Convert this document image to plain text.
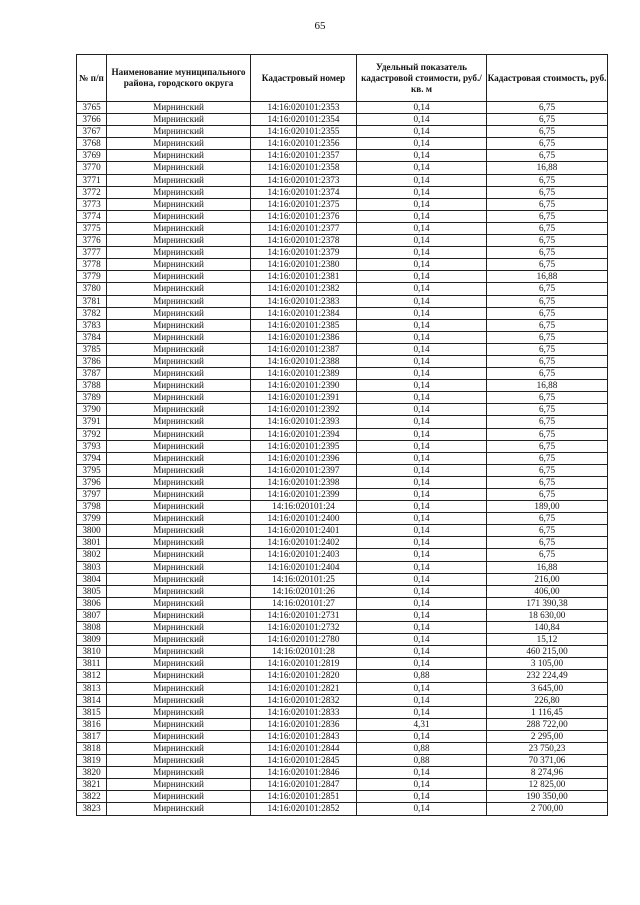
65
№ п/п	Наименование муниципального района, городского округа	Кадастровый номер	Удельный показатель кадастровой стоимости, руб./кв. м	Кадастровая стоимость, руб.
3765	Мирнинский	14:16:020101:2353	0,14	6,75
3766	Мирнинский	14:16:020101:2354	0,14	6,75
3767	Мирнинский	14:16:020101:2355	0,14	6,75
3768	Мирнинский	14:16:020101:2356	0,14	6,75
3769	Мирнинский	14:16:020101:2357	0,14	6,75
3770	Мирнинский	14:16:020101:2358	0,14	16,88
3771	Мирнинский	14:16:020101:2373	0,14	6,75
3772	Мирнинский	14:16:020101:2374	0,14	6,75
3773	Мирнинский	14:16:020101:2375	0,14	6,75
3774	Мирнинский	14:16:020101:2376	0,14	6,75
3775	Мирнинский	14:16:020101:2377	0,14	6,75
3776	Мирнинский	14:16:020101:2378	0,14	6,75
3777	Мирнинский	14:16:020101:2379	0,14	6,75
3778	Мирнинский	14:16:020101:2380	0,14	6,75
3779	Мирнинский	14:16:020101:2381	0,14	16,88
3780	Мирнинский	14:16:020101:2382	0,14	6,75
3781	Мирнинский	14:16:020101:2383	0,14	6,75
3782	Мирнинский	14:16:020101:2384	0,14	6,75
3783	Мирнинский	14:16:020101:2385	0,14	6,75
3784	Мирнинский	14:16:020101:2386	0,14	6,75
3785	Мирнинский	14:16:020101:2387	0,14	6,75
3786	Мирнинский	14:16:020101:2388	0,14	6,75
3787	Мирнинский	14:16:020101:2389	0,14	6,75
3788	Мирнинский	14:16:020101:2390	0,14	16,88
3789	Мирнинский	14:16:020101:2391	0,14	6,75
3790	Мирнинский	14:16:020101:2392	0,14	6,75
3791	Мирнинский	14:16:020101:2393	0,14	6,75
3792	Мирнинский	14:16:020101:2394	0,14	6,75
3793	Мирнинский	14:16:020101:2395	0,14	6,75
3794	Мирнинский	14:16:020101:2396	0,14	6,75
3795	Мирнинский	14:16:020101:2397	0,14	6,75
3796	Мирнинский	14:16:020101:2398	0,14	6,75
3797	Мирнинский	14:16:020101:2399	0,14	6,75
3798	Мирнинский	14:16:020101:24	0,14	189,00
3799	Мирнинский	14:16:020101:2400	0,14	6,75
3800	Мирнинский	14:16:020101:2401	0,14	6,75
3801	Мирнинский	14:16:020101:2402	0,14	6,75
3802	Мирнинский	14:16:020101:2403	0,14	6,75
3803	Мирнинский	14:16:020101:2404	0,14	16,88
3804	Мирнинский	14:16:020101:25	0,14	216,00
3805	Мирнинский	14:16:020101:26	0,14	406,00
3806	Мирнинский	14:16:020101:27	0,14	171 390,38
3807	Мирнинский	14:16:020101:2731	0,14	18 630,00
3808	Мирнинский	14:16:020101:2732	0,14	140,84
3809	Мирнинский	14:16:020101:2780	0,14	15,12
3810	Мирнинский	14:16:020101:28	0,14	460 215,00
3811	Мирнинский	14:16:020101:2819	0,14	3 105,00
3812	Мирнинский	14:16:020101:2820	0,88	232 224,49
3813	Мирнинский	14:16:020101:2821	0,14	3 645,00
3814	Мирнинский	14:16:020101:2832	0,14	226,80
3815	Мирнинский	14:16:020101:2833	0,14	1 116,45
3816	Мирнинский	14:16:020101:2836	4,31	288 722,00
3817	Мирнинский	14:16:020101:2843	0,14	2 295,00
3818	Мирнинский	14:16:020101:2844	0,88	23 750,23
3819	Мирнинский	14:16:020101:2845	0,88	70 371,06
3820	Мирнинский	14:16:020101:2846	0,14	8 274,96
3821	Мирнинский	14:16:020101:2847	0,14	12 825,00
3822	Мирнинский	14:16:020101:2851	0,14	190 350,00
3823	Мирнинский	14:16:020101:2852	0,14	2 700,00
